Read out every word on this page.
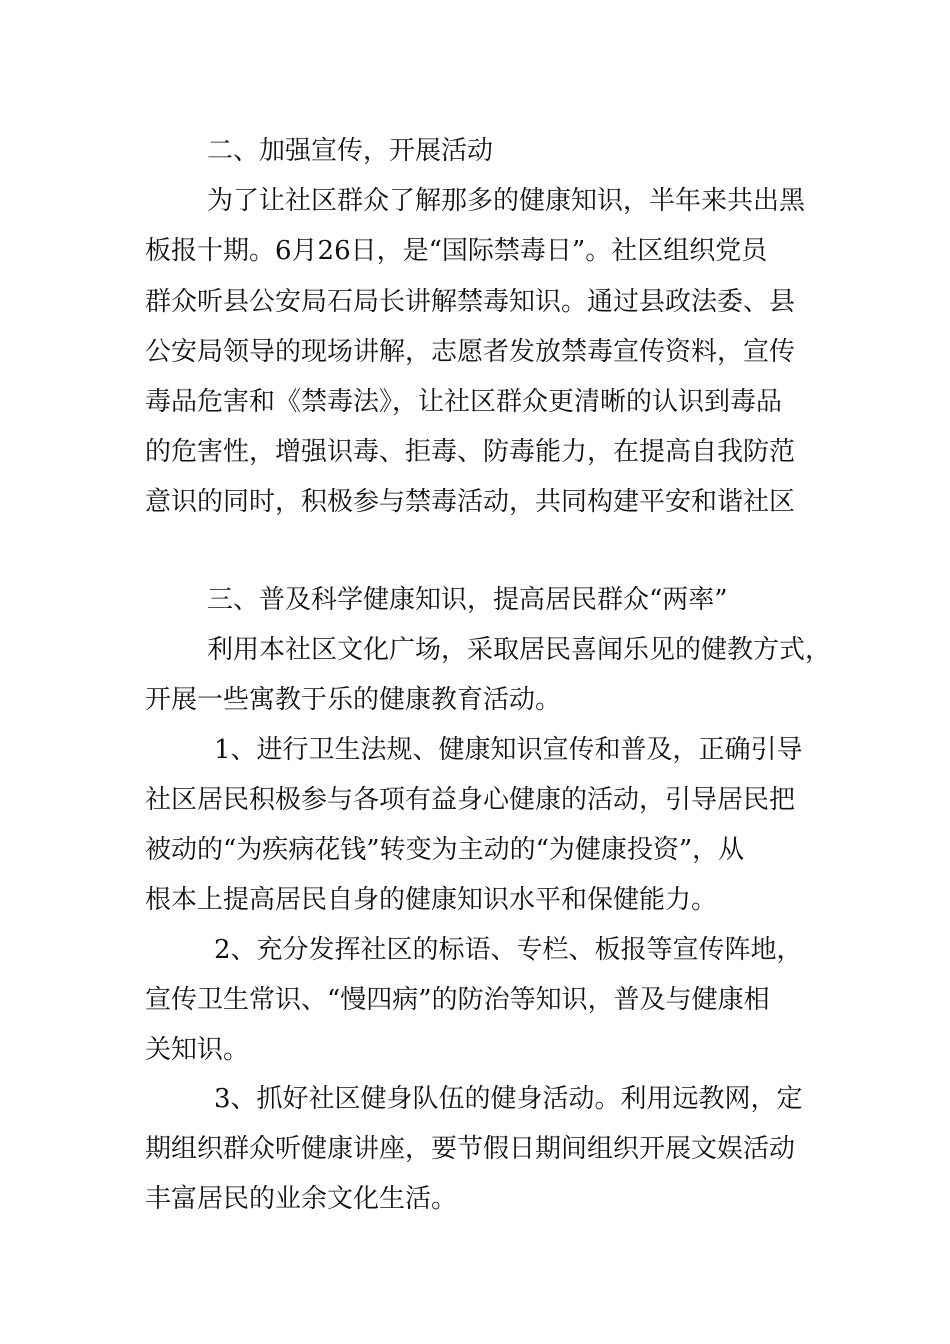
二、加强宣传，开展活动
为了让社区群众了解那多的健康知识，半年来共出黑
板报十期。6月26日，是“国际禁毒日”。社区组织党员
群众听县公安局石局长讲解禁毒知识。通过县政法委、县
公安局领导的现场讲解，志愿者发放禁毒宣传资料，宣传
毒品危害和《禁毒法》，让社区群众更清晰的认识到毒品
的危害性，增强识毒、拒毒、防毒能力，在提高自我防范
意识的同时，积极参与禁毒活动，共同构建平安和谐社区
三、普及科学健康知识，提高居民群众“两率”
利用本社区文化广场，采取居民喜闻乐见的健教方式，
开展一些寓教于乐的健康教育活动。
1、进行卫生法规、健康知识宣传和普及，正确引导
社区居民积极参与各项有益身心健康的活动，引导居民把
被动的“为疾病花钱”转变为主动的“为健康投资”，从
根本上提高居民自身的健康知识水平和保健能力。
2、充分发挥社区的标语、专栏、板报等宣传阵地，
宣传卫生常识、“慢四病”的防治等知识，普及与健康相
关知识。
3、抓好社区健身队伍的健身活动。利用远教网，定
期组织群众听健康讲座，要节假日期间组织开展文娱活动
丰富居民的业余文化生活。
